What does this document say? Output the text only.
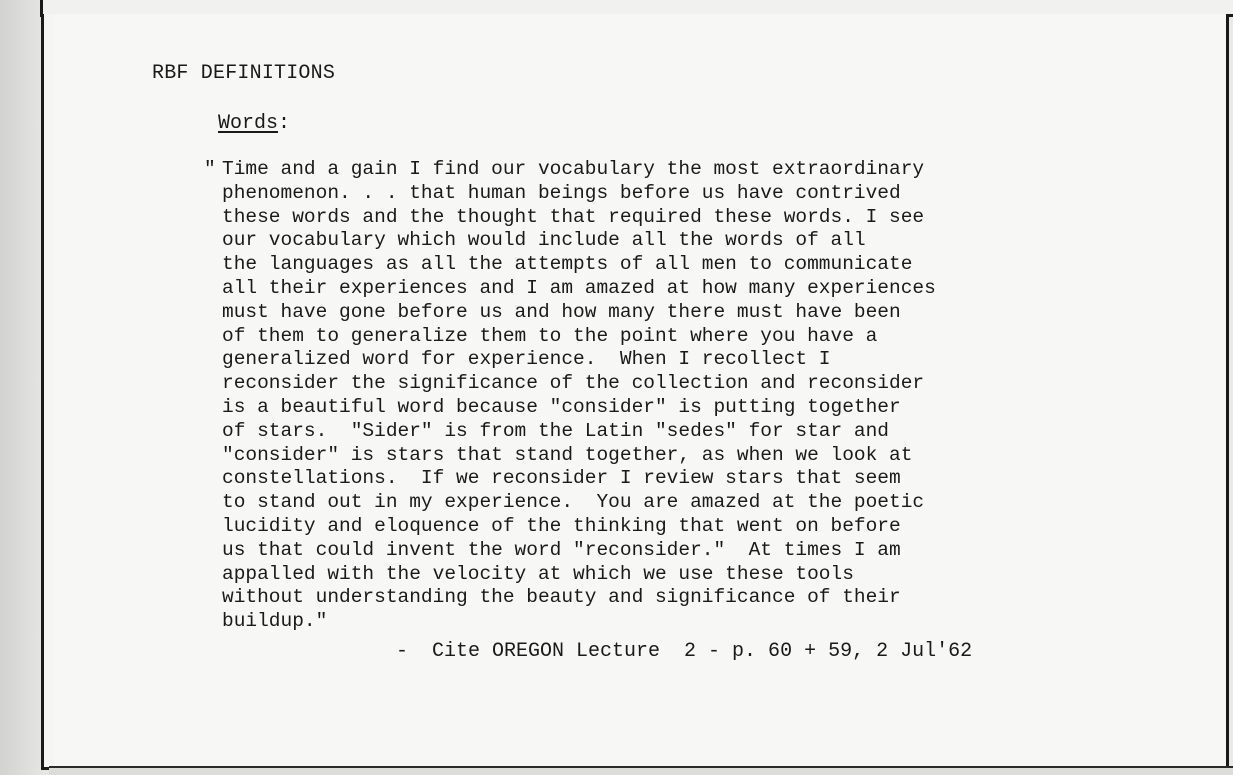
RBF DEFINITIONS
Words:
" Time and a gain I find our vocabulary the most extraordinary
phenomenon. . . that human beings before us have contrived
these words and the thought that required these words. I see
our vocabulary which would include all the words of all
the languages as all the attempts of all men to communicate
all their experiences and I am amazed at how many experiences
must have gone before us and how many there must have been
of them to generalize them to the point where you have a
generalized word for experience.  When I recollect I
reconsider the significance of the collection and reconsider
is a beautiful word because "consider" is putting together
of stars.  "Sider" is from the Latin "sedes" for star and
"consider" is stars that stand together, as when we look at
constellations.  If we reconsider I review stars that seem
to stand out in my experience.  You are amazed at the poetic
lucidity and eloquence of the thinking that went on before
us that could invent the word "reconsider."  At times I am
appalled with the velocity at which we use these tools
without understanding the beauty and significance of their
buildup."
-  Cite OREGON Lecture  2 - p. 60 + 59, 2 Jul'62
